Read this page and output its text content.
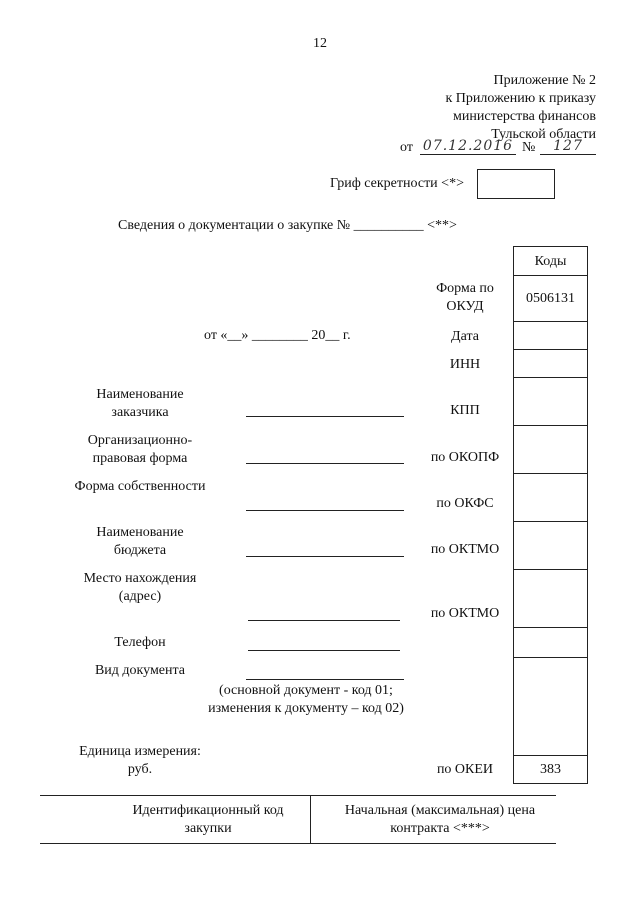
12
Приложение № 2
к Приложению к приказу
министерства финансов
Тульской области
от 07.12.2016 №	127
Гриф секретности <*>
Сведения о документации о закупке № __________ <**>
от «__» ________ 20__ г.
Коды
0506131
383
Форма по ОКУД
Дата
ИНН
КПП
по ОКОПФ
по ОКФС
по ОКТМО
по ОКТМО
по ОКЕИ
Наименование заказчика
Организационно-правовая форма
Форма собственности
Наименование бюджета
Место нахождения (адрес)
Телефон
Вид документа
(основной документ - код 01; изменения к документу – код 02)
Единица измерения: руб.
Идентификационный код закупки
Начальная (максимальная) цена контракта <***>
